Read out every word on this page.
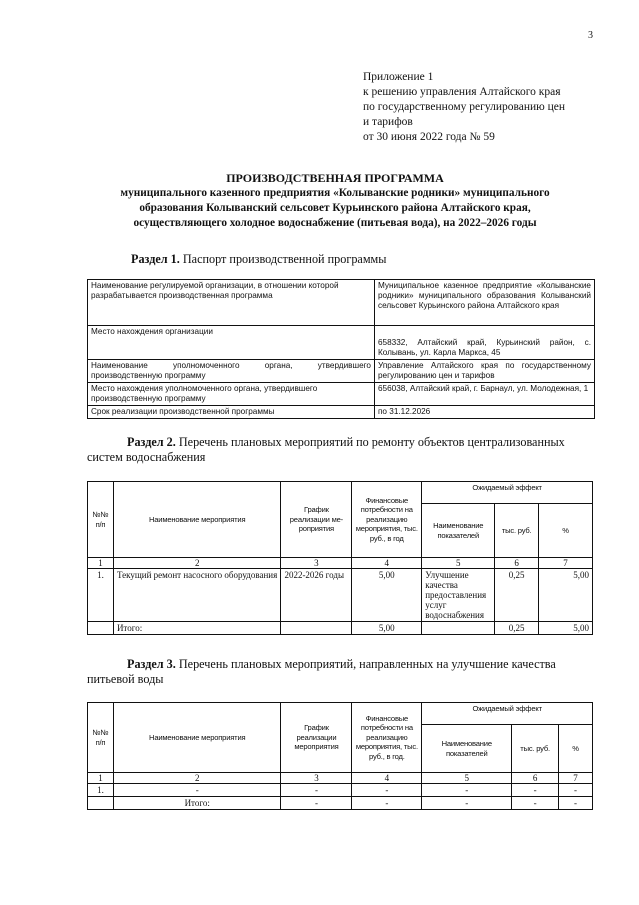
3
Приложение 1
к решению управления Алтайского края
по государственному регулированию цен
и тарифов
от 30 июня 2022 года № 59
ПРОИЗВОДСТВЕННАЯ ПРОГРАММА
муниципального казенного предприятия «Колыванские родники» муниципального
образования Колыванский сельсовет Курьинского района Алтайского края,
осуществляющего холодное водоснабжение (питьевая вода), на 2022–2026 годы
Раздел 1. Паспорт производственной программы
Наименование регулируемой организации, в отношении которой разрабатывается производственная программа	Муниципальное казенное предприятие «Колыванские родники» муниципального образования Колыванский сельсовет Курьинского района Алтайского края
Место нахождения организации	658332, Алтайский край, Курьинский район, с. Колывань, ул. Карла Маркса, 45
Наименование уполномоченного органа, утвердившего производственную программу	Управление Алтайского края по государственному регулированию цен и тарифов
Место нахождения уполномоченного органа, утвердившего производственную программу	656038, Алтайский край, г. Барнаул, ул. Молодежная, 1
Срок реализации производственной программы	по 31.12.2026
Раздел 2. Перечень плановых мероприятий по ремонту объектов централизованных систем водоснабжения
№№ п/п	Наименование мероприятия	График реализации ме-роприятия	Финансовые потребности на реализацию мероприятия, тыс. руб., в год	Ожидаемый эффект		
				Наименование показателей	тыс. руб.	%
1	2	3	4	5	6	7
1.	Текущий ремонт насосного оборудования	2022-2026 годы	5,00	Улучшение качества предоставления услуг водоснабжения	0,25	5,00
	Итого:		5,00		0,25	5,00
Раздел 3. Перечень плановых мероприятий, направленных на улучшение качества питьевой воды
№№ п/п	Наименование мероприятия	График реализации мероприятия	Финансовые потребности на реализацию мероприятия, тыс. руб., в год.	Ожидаемый эффект		
				Наименование показателей	тыс. руб.	%
1	2	3	4	5	6	7
1.	-	-	-	-	-	-
	Итого:	-	-	-	-	-
